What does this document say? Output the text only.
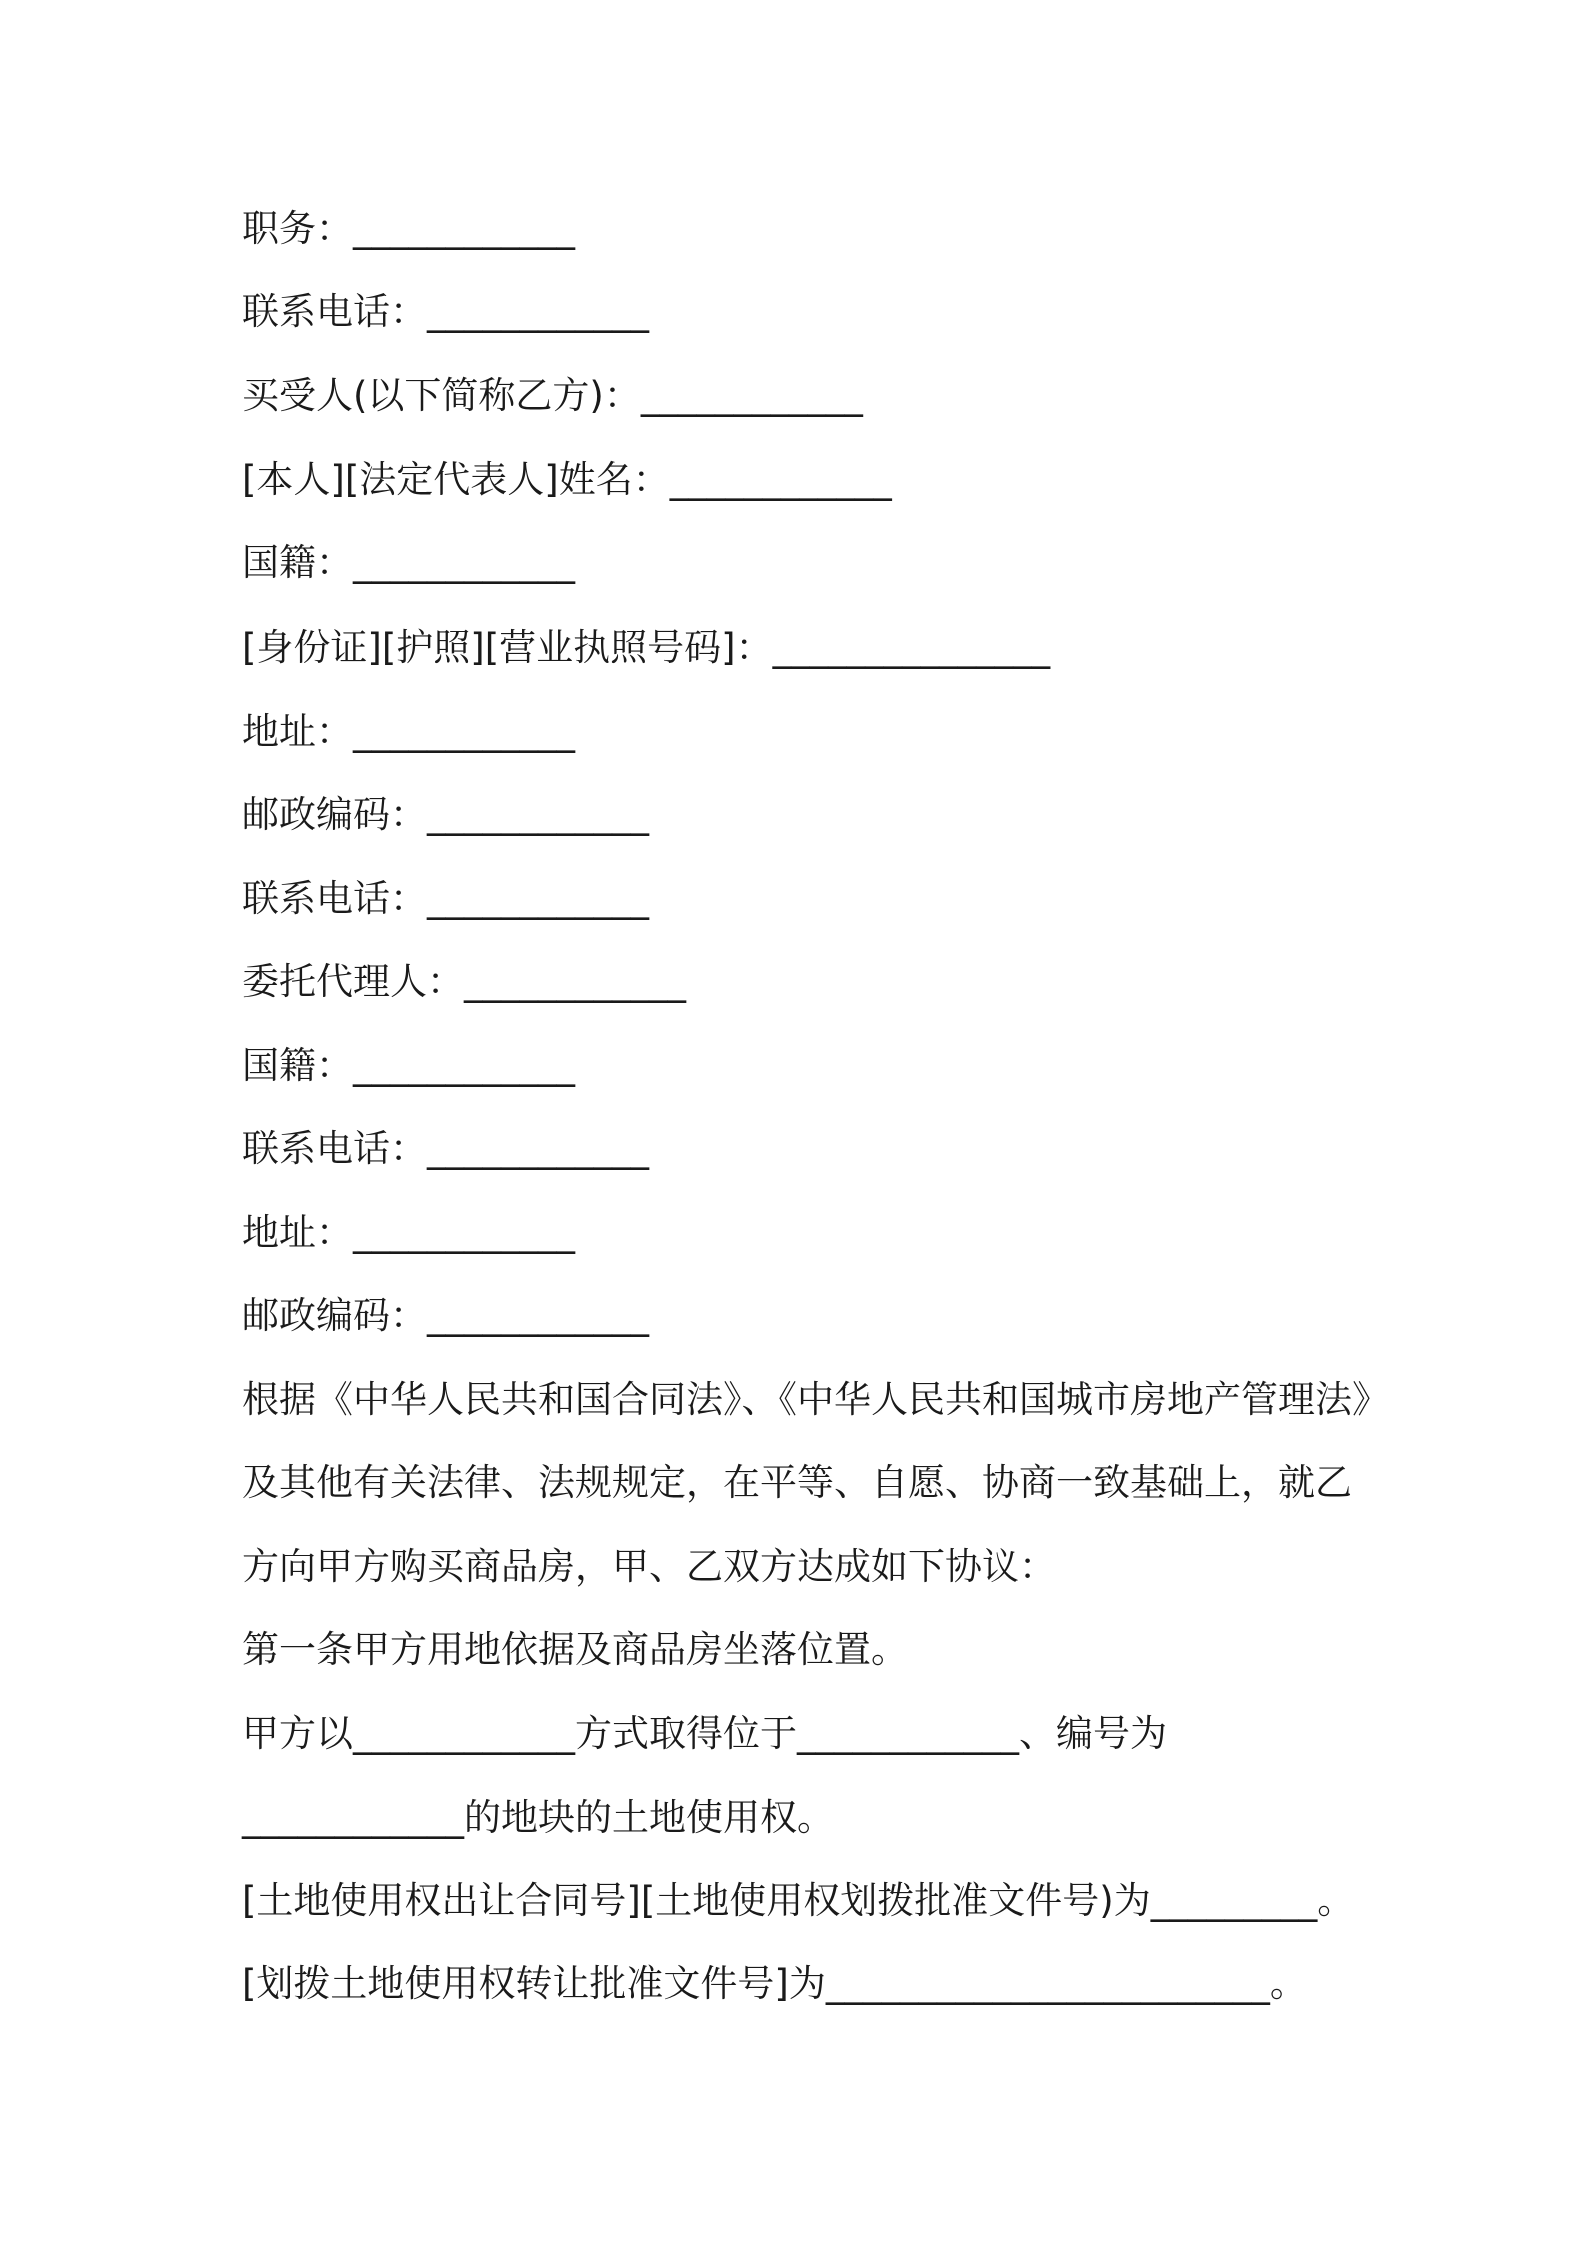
职务：____________
联系电话：____________
买受人(以下简称乙方)：____________
[本人][法定代表人]姓名：____________
国籍：____________
[身份证][护照][营业执照号码]：_______________
地址：____________
邮政编码：____________
联系电话：____________
委托代理人：____________
国籍：____________
联系电话：____________
地址：____________
邮政编码：____________
根据《中华人民共和国合同法》、《中华人民共和国城市房地产管理法》
及其他有关法律、法规规定，在平等、自愿、协商一致基础上，就乙
方向甲方购买商品房，甲、乙双方达成如下协议：
第一条甲方用地依据及商品房坐落位置。
甲方以____________方式取得位于____________、编号为
____________的地块的土地使用权。
[土地使用权出让合同号][土地使用权划拨批准文件号)为_________。
[划拨土地使用权转让批准文件号]为________________________。
